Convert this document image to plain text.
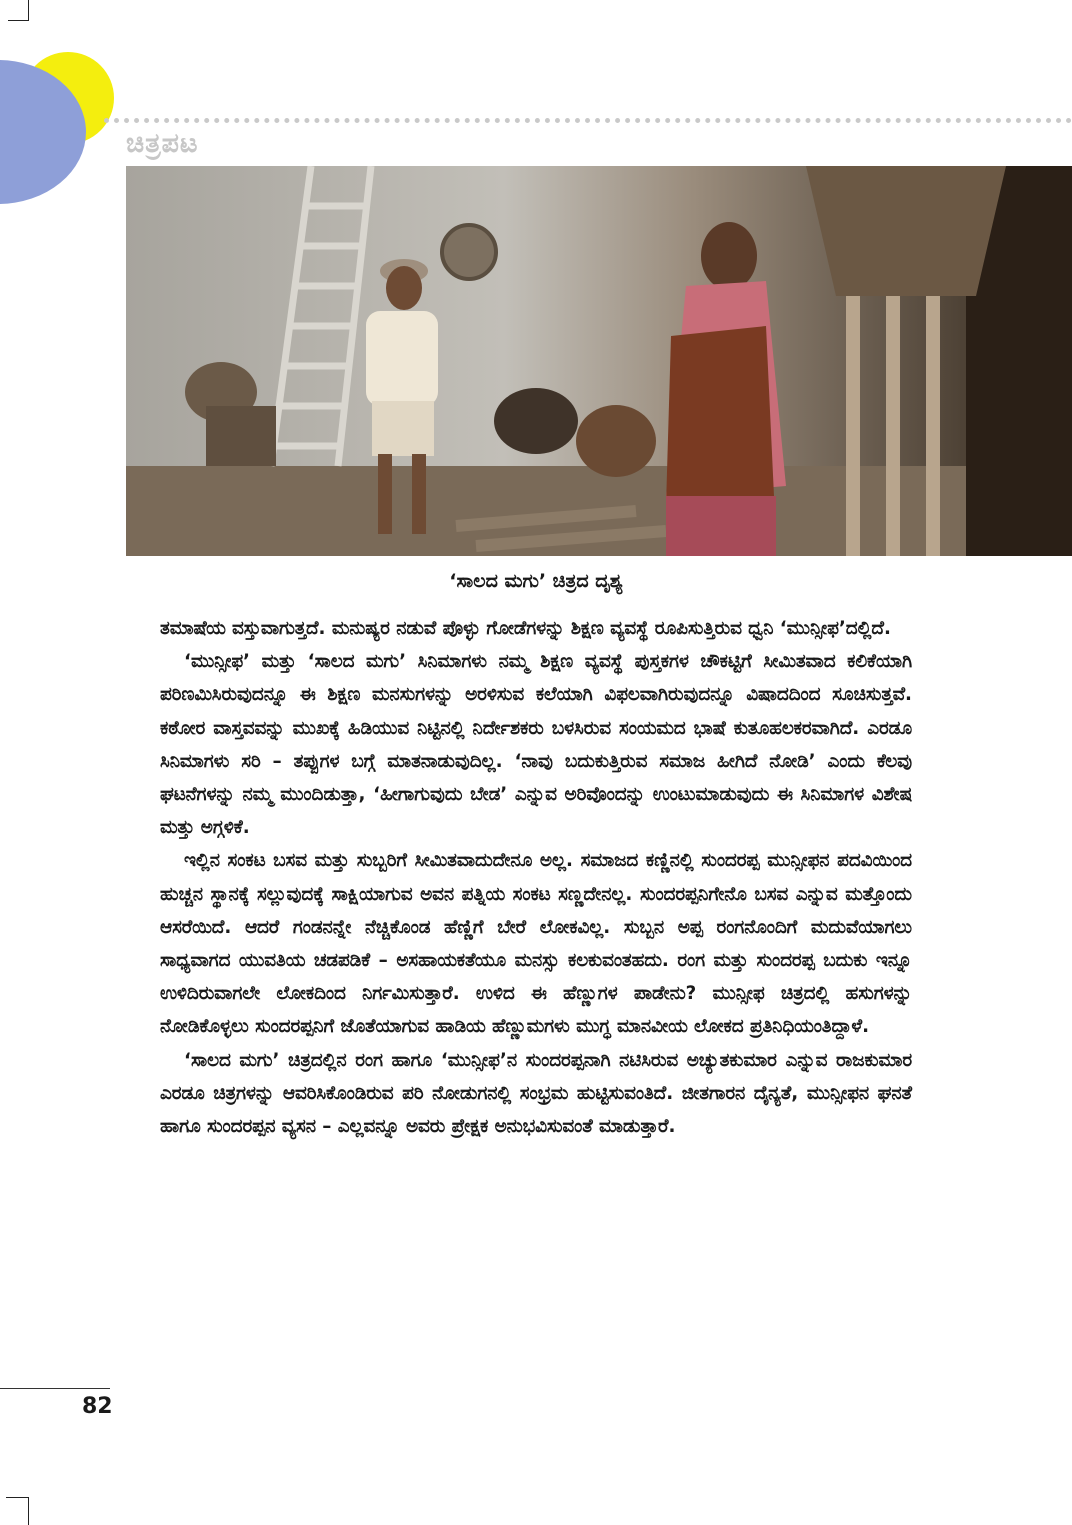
ಚಿತ್ರಪಟ
‘ಸಾಲದ ಮಗು’ ಚಿತ್ರದ ದೃಶ್ಯ

ತಮಾಷೆಯ ವಸ್ತುವಾಗುತ್ತದೆ. ಮನುಷ್ಯರ ನಡುವೆ ಪೊಳ್ಳು ಗೋಡೆಗಳನ್ನು ಶಿಕ್ಷಣ ವ್ಯವಸ್ಥೆ ರೂಪಿಸುತ್ತಿರುವ ಧ್ವನಿ ‘ಮುನ್ಸೀಫ’ದಲ್ಲಿದೆ.

‘ಮುನ್ಸೀಫ’ ಮತ್ತು ‘ಸಾಲದ ಮಗು’ ಸಿನಿಮಾಗಳು ನಮ್ಮ ಶಿಕ್ಷಣ ವ್ಯವಸ್ಥೆ ಪುಸ್ತಕಗಳ ಚೌಕಟ್ಟಿಗೆ ಸೀಮಿತವಾದ ಕಲಿಕೆಯಾಗಿ ಪರಿಣಮಿಸಿರುವುದನ್ನೂ ಈ ಶಿಕ್ಷಣ ಮನಸುಗಳನ್ನು ಅರಳಿಸುವ ಕಲೆಯಾಗಿ ವಿಫಲವಾಗಿರುವುದನ್ನೂ ವಿಷಾದದಿಂದ ಸೂಚಿಸುತ್ತವೆ. ಕಠೋರ ವಾಸ್ತವವನ್ನು ಮುಖಕ್ಕೆ ಹಿಡಿಯುವ ನಿಟ್ಟಿನಲ್ಲಿ ನಿರ್ದೇಶಕರು ಬಳಸಿರುವ ಸಂಯಮದ ಭಾಷೆ ಕುತೂಹಲಕರವಾಗಿದೆ. ಎರಡೂ ಸಿನಿಮಾಗಳು ಸರಿ – ತಪ್ಪುಗಳ ಬಗ್ಗೆ ಮಾತನಾಡುವುದಿಲ್ಲ. ‘ನಾವು ಬದುಕುತ್ತಿರುವ ಸಮಾಜ ಹೀಗಿದೆ ನೋಡಿ’ ಎಂದು ಕೆಲವು ಘಟನೆಗಳನ್ನು ನಮ್ಮ ಮುಂದಿಡುತ್ತಾ, ‘ಹೀಗಾಗುವುದು ಬೇಡ’ ಎನ್ನುವ ಅರಿವೊಂದನ್ನು ಉಂಟುಮಾಡುವುದು ಈ ಸಿನಿಮಾಗಳ ವಿಶೇಷ ಮತ್ತು ಅಗ್ಗಳಿಕೆ.

ಇಲ್ಲಿನ ಸಂಕಟ ಬಸವ ಮತ್ತು ಸುಬ್ಬರಿಗೆ ಸೀಮಿತವಾದುದೇನೂ ಅಲ್ಲ. ಸಮಾಜದ ಕಣ್ಣಿನಲ್ಲಿ ಸುಂದರಪ್ಪ ಮುನ್ಸೀಫನ ಪದವಿಯಿಂದ ಹುಚ್ಚನ ಸ್ಥಾನಕ್ಕೆ ಸಲ್ಲುವುದಕ್ಕೆ ಸಾಕ್ಷಿಯಾಗುವ ಅವನ ಪತ್ನಿಯ ಸಂಕಟ ಸಣ್ಣದೇನಲ್ಲ. ಸುಂದರಪ್ಪನಿಗೇನೊ ಬಸವ ಎನ್ನುವ ಮತ್ತೊಂದು ಆಸರೆಯಿದೆ. ಆದರೆ ಗಂಡನನ್ನೇ ನೆಚ್ಚಿಕೊಂಡ ಹೆಣ್ಣಿಗೆ ಬೇರೆ ಲೋಕವಿಲ್ಲ. ಸುಬ್ಬನ ಅಪ್ಪ ರಂಗನೊಂದಿಗೆ ಮದುವೆಯಾಗಲು ಸಾಧ್ಯವಾಗದ ಯುವತಿಯ ಚಡಪಡಿಕೆ – ಅಸಹಾಯಕತೆಯೂ ಮನಸ್ಸು ಕಲಕುವಂತಹದು. ರಂಗ ಮತ್ತು ಸುಂದರಪ್ಪ ಬದುಕು ಇನ್ನೂ ಉಳಿದಿರುವಾಗಲೇ ಲೋಕದಿಂದ ನಿರ್ಗಮಿಸುತ್ತಾರೆ. ಉಳಿದ ಈ ಹೆಣ್ಣುಗಳ ಪಾಡೇನು? ಮುನ್ಸೀಫ ಚಿತ್ರದಲ್ಲಿ ಹಸುಗಳನ್ನು ನೋಡಿಕೊಳ್ಳಲು ಸುಂದರಪ್ಪನಿಗೆ ಜೊತೆಯಾಗುವ ಹಾಡಿಯ ಹೆಣ್ಣುಮಗಳು ಮುಗ್ಧ ಮಾನವೀಯ ಲೋಕದ ಪ್ರತಿನಿಧಿಯಂತಿದ್ದಾಳೆ.

‘ಸಾಲದ ಮಗು’ ಚಿತ್ರದಲ್ಲಿನ ರಂಗ ಹಾಗೂ ‘ಮುನ್ಸೀಫ’ನ ಸುಂದರಪ್ಪನಾಗಿ ನಟಿಸಿರುವ ಅಚ್ಯುತಕುಮಾರ ಎನ್ನುವ ರಾಜಕುಮಾರ ಎರಡೂ ಚಿತ್ರಗಳನ್ನು ಆವರಿಸಿಕೊಂಡಿರುವ ಪರಿ ನೋಡುಗನಲ್ಲಿ ಸಂಭ್ರಮ ಹುಟ್ಟಿಸುವಂತಿದೆ. ಜೀತಗಾರನ ದೈನ್ಯತೆ, ಮುನ್ಸೀಫನ ಘನತೆ ಹಾಗೂ ಸುಂದರಪ್ಪನ ವ್ಯಸನ – ಎಲ್ಲವನ್ನೂ ಅವರು ಪ್ರೇಕ್ಷಕ ಅನುಭವಿಸುವಂತೆ ಮಾಡುತ್ತಾರೆ.

82
